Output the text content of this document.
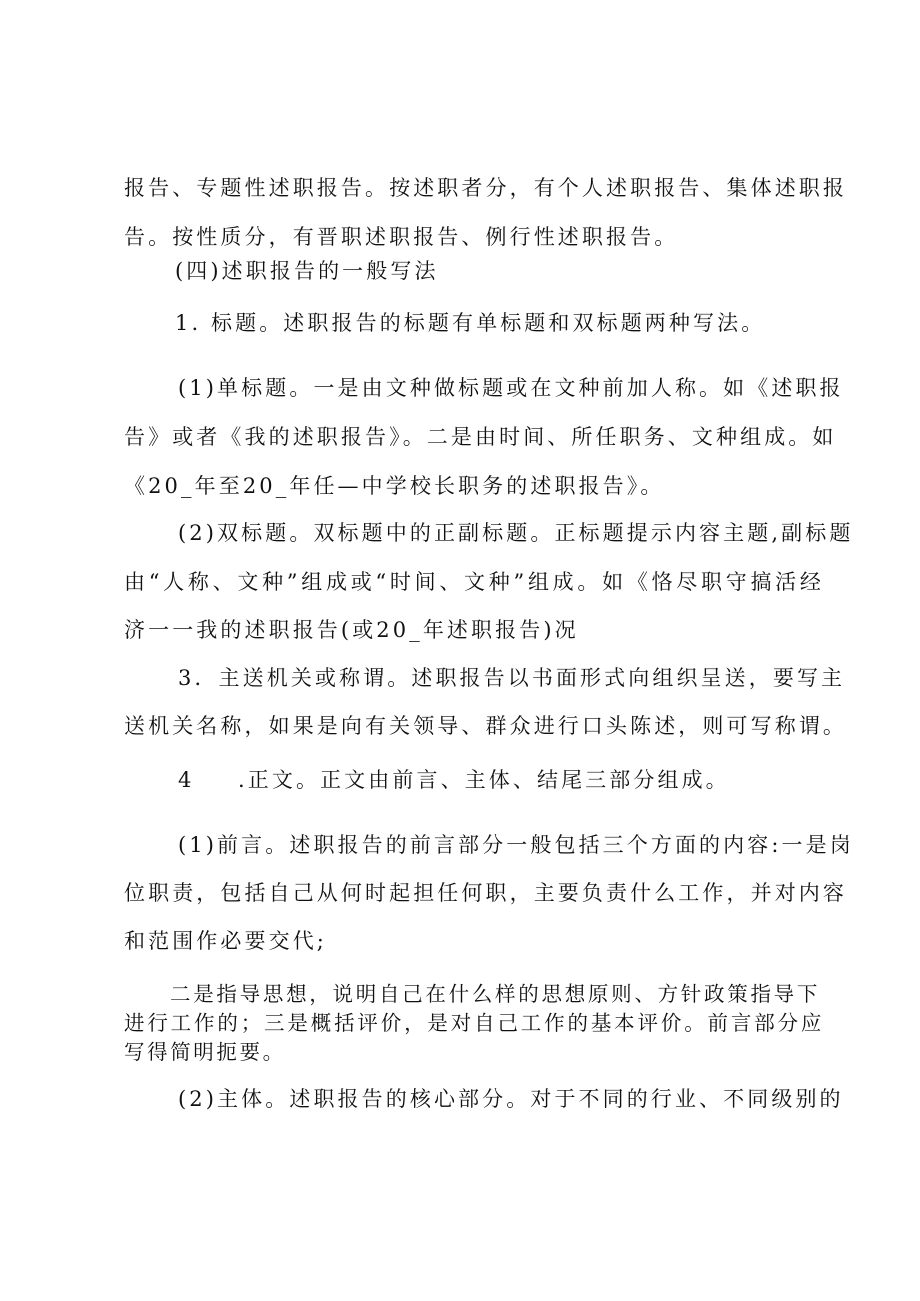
报告、专题性述职报告。按述职者分，有个人述职报告、集体述职报
告。按性质分，有晋职述职报告、例行性述职报告。
(四)述职报告的一般写法
1. 标题。述职报告的标题有单标题和双标题两种写法。
(1)单标题。一是由文种做标题或在文种前加人称。如《述职报
告》或者《我的述职报告》。二是由时间、所任职务、文种组成。如
《20_年至20_年任—中学校长职务的述职报告》。
(2)双标题。双标题中的正副标题。正标题提示内容主题,副标题
由“人称、文种”组成或“时间、文种”组成。如《恪尽职守搞活经
济一一我的述职报告(或20_年述职报告)况
3．主送机关或称谓。述职报告以书面形式向组织呈送，要写主
送机关名称，如果是向有关领导、群众进行口头陈述，则可写称谓。
4 .正文。正文由前言、主体、结尾三部分组成。
(1)前言。述职报告的前言部分一般包括三个方面的内容:一是岗
位职责，包括自己从何时起担任何职，主要负责什么工作，并对内容
和范围作必要交代;
二是指导思想，说明自己在什么样的思想原则、方针政策指导下
进行工作的；三是概括评价，是对自己工作的基本评价。前言部分应
写得简明扼要。
(2)主体。述职报告的核心部分。对于不同的行业、不同级别的
